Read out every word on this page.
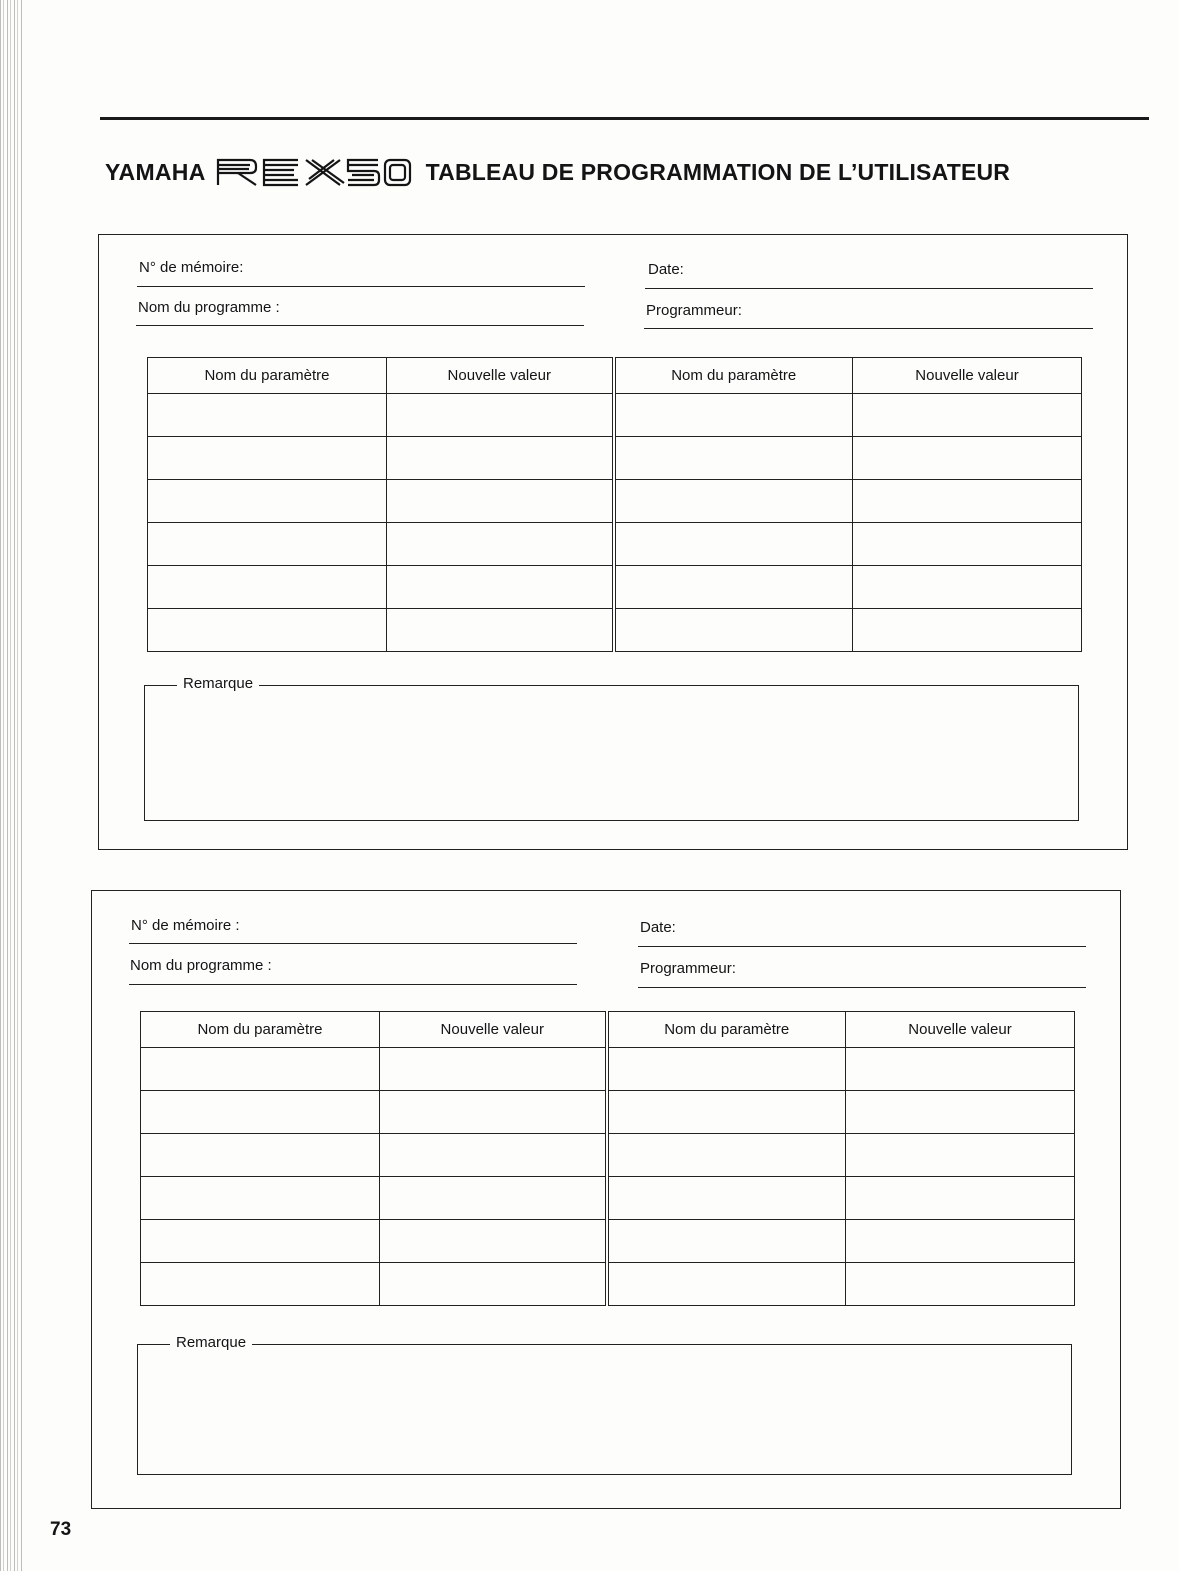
YAMAHA	TABLEAU DE PROGRAMMATION DE L’UTILISATEUR
N° de mémoire:	Date:
Nom du programme :	Programmeur:
Nom du paramètre	Nouvelle valeur	Nom du paramètre	Nouvelle valeur

Remarque
N° de mémoire :	Date:
Nom du programme :	Programmeur:
Nom du paramètre	Nouvelle valeur	Nom du paramètre	Nouvelle valeur

Remarque
73
